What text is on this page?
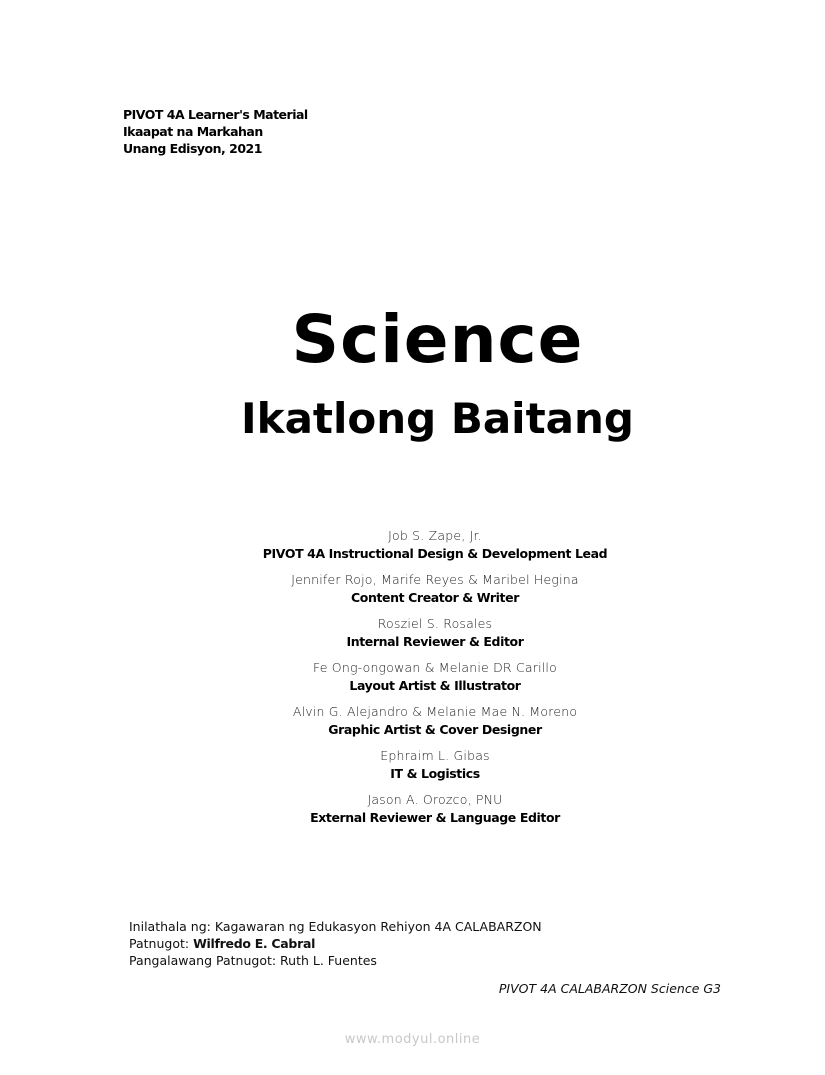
PIVOT 4A Learner's Material
Ikaapat na Markahan
Unang Edisyon, 2021
Science
Ikatlong Baitang
Job S. Zape, Jr.
PIVOT 4A Instructional Design & Development Lead
Jennifer Rojo, Marife Reyes & Maribel Hegina
Content Creator & Writer
Rosziel S. Rosales
Internal Reviewer & Editor
Fe Ong-ongowan & Melanie DR Carillo
Layout Artist & Illustrator
Alvin G. Alejandro & Melanie Mae N. Moreno
Graphic Artist & Cover Designer
Ephraim L. Gibas
IT & Logistics
Jason A. Orozco, PNU
External Reviewer & Language Editor
Inilathala ng: Kagawaran ng Edukasyon Rehiyon 4A CALABARZON
Patnugot: Wilfredo E. Cabral
Pangalawang Patnugot: Ruth L. Fuentes
PIVOT 4A CALABARZON Science G3
www.modyul.online
